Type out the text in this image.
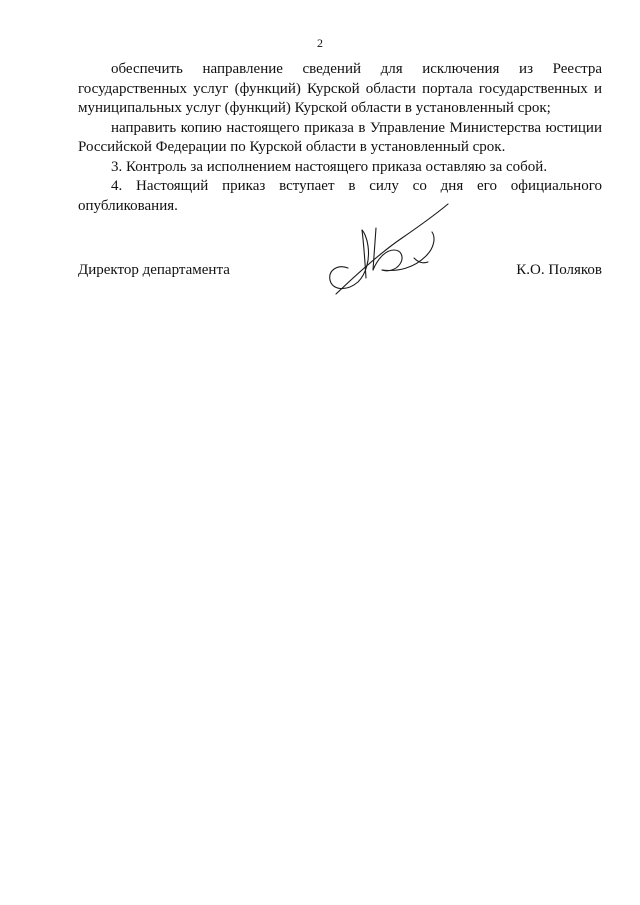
2

обеспечить направление сведений для исключения из Реестра государственных услуг (функций) Курской области портала государственных и муниципальных услуг (функций) Курской области в установленный срок;

направить копию настоящего приказа в Управление Министерства юстиции Российской Федерации по Курской области в установленный срок.

3. Контроль за исполнением настоящего приказа оставляю за собой.

4. Настоящий приказ вступает в силу со дня его официального опубликования.

Директор департамента	К.О. Поляков
